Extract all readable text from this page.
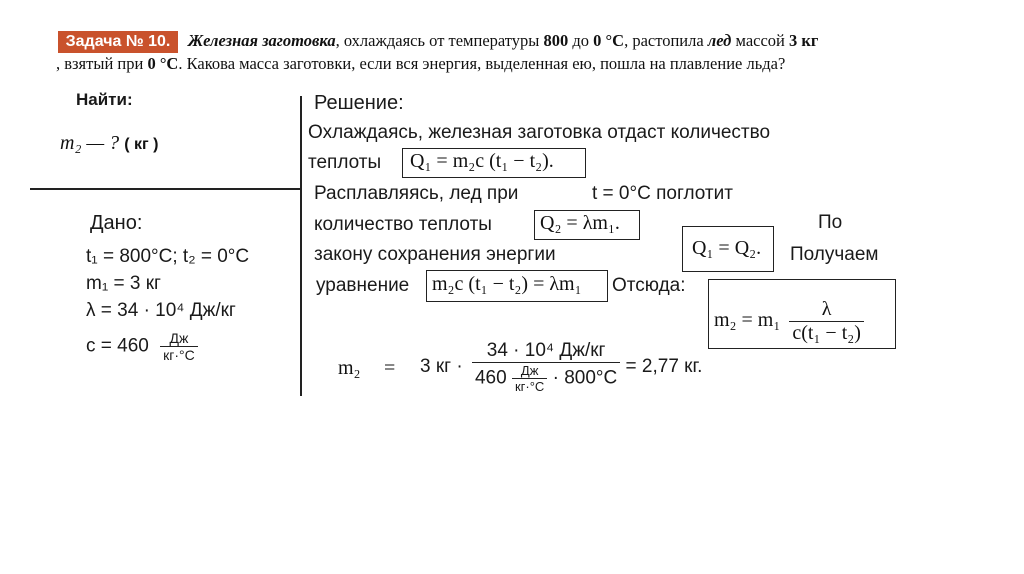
Задача № 10.	Железная заготовка, охлаждаясь от температуры 800 до 0 °С, растопила лед массой 3 кг
, взятый при 0 °С. Какова масса заготовки, если вся энергия, выделенная ею, пошла на плавление льда?
Найти:
m₂ — ? ( кг )
Дано:
t₁ = 800°С; t₂ = 0°С
m₁ = 3 кг
λ = 34 · 10⁴ Дж/кг
$c = 460 \frac{Дж}{кг\cdot^\circ С}$
Решение:
Охлаждаясь, железная заготовка отдаст количество
теплоты Q₁ = m₂c (t₁ − t₂).
Расплавляясь, лед при	t = 0°С поглотит
количество теплоты Q₂ = λm₁.	По
закону сохранения энергии	Q₁ = Q₂. Получаем
уравнение m₂c (t₁ − t₂) = λm₁ Отсюда:
$m_2 = m_1 \frac{\lambda}{\text{c(t₁ − t₂)}}$
m₂ = 3 кг ·
34 · 10⁴ Дж/кг
$460 \frac{Дж}{кг\cdot^\circ С} \cdot 800^\circ С$
= 2,77 кг.
